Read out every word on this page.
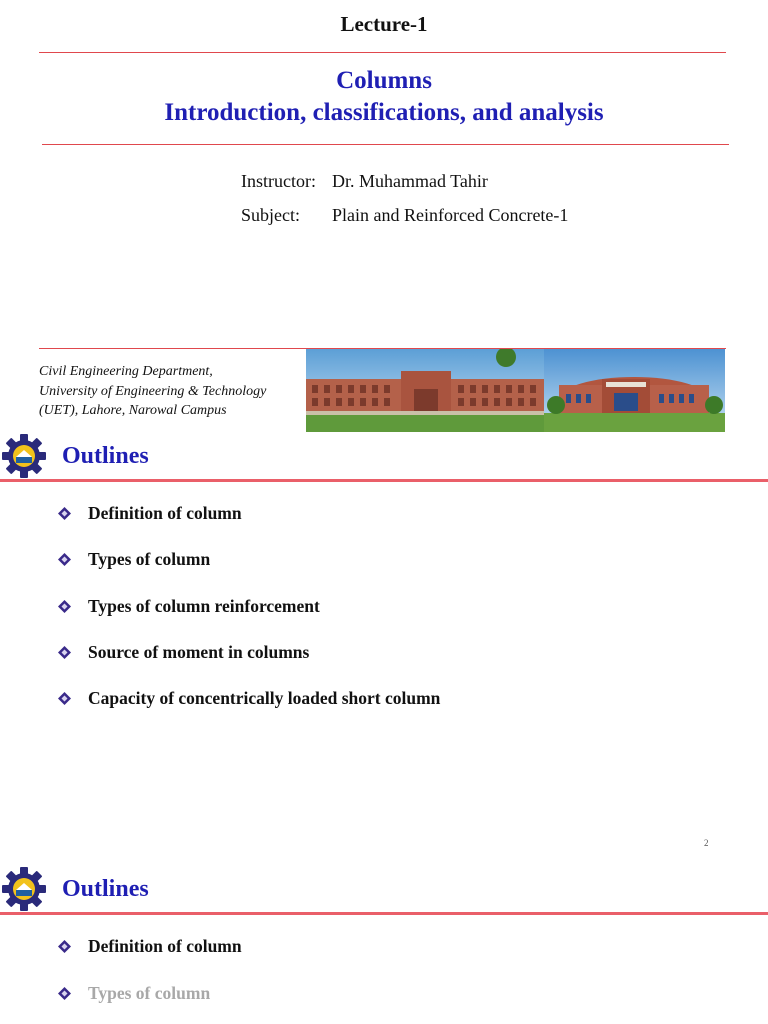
Lecture-1
Columns
Introduction, classifications, and analysis
Instructor: Dr. Muhammad Tahir
Subject: Plain and Reinforced Concrete-1
Civil Engineering Department,
University of Engineering & Technology
(UET), Lahore, Narowal Campus
Outlines
Definition of column
Types of column
Types of column reinforcement
Source of moment in columns
Capacity of concentrically loaded short column
2
Outlines
Definition of column
Types of column
